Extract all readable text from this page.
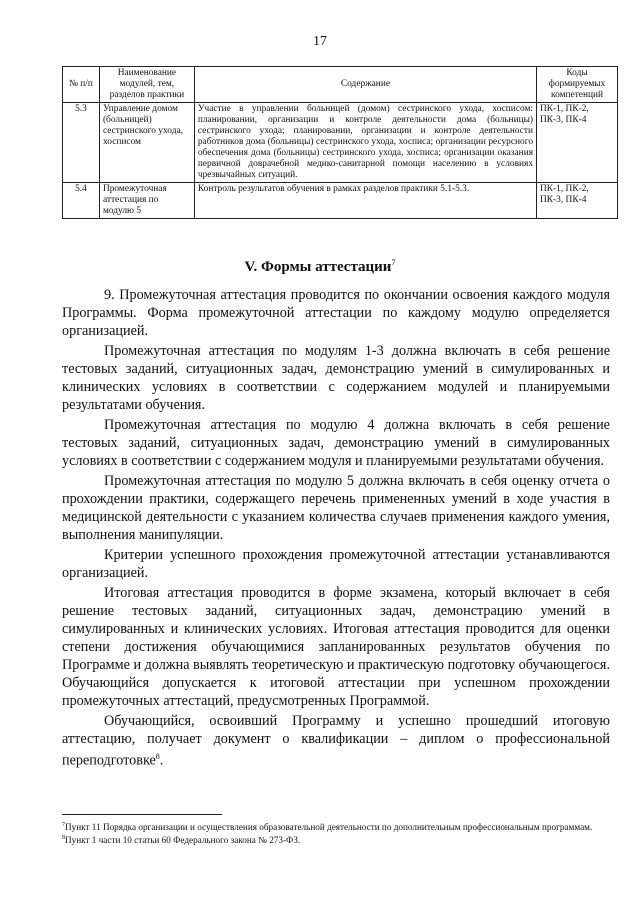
17
№ п/п	Наименование модулей, тем, разделов практики	Содержание	Коды формируемых компетенций
5.3	Управление домом (больницей) сестринского ухода, хосписом	Участие в управлении больницей (домом) сестринского ухода, хосписом: планировании, организации и контроле деятельности дома (больницы) сестринского ухода; планировании, организации и контроле деятельности работников дома (больницы) сестринского ухода, хосписа; организации ресурсного обеспечения дома (больницы) сестринского ухода, хосписа; организации оказания первичной доврачебной медико-санитарной помощи населению в условиях чрезвычайных ситуаций.	ПК-1, ПК-2, ПК-3, ПК-4
5.4	Промежуточная аттестация по модулю 5	Контроль результатов обучения в рамках разделов практики 5.1-5.3.	ПК-1, ПК-2, ПК-3, ПК-4
V. Формы аттестации$^7$

9. Промежуточная аттестация проводится по окончании освоения каждого модуля Программы. Форма промежуточной аттестации по каждому модулю определяется организацией.

Промежуточная аттестация по модулям 1-3 должна включать в себя решение тестовых заданий, ситуационных задач, демонстрацию умений в симулированных и клинических условиях в соответствии с содержанием модулей и планируемыми результатами обучения.

Промежуточная аттестация по модулю 4 должна включать в себя решение тестовых заданий, ситуационных задач, демонстрацию умений в симулированных условиях в соответствии с содержанием модуля и планируемыми результатами обучения.

Промежуточная аттестация по модулю 5 должна включать в себя оценку отчета о прохождении практики, содержащего перечень примененных умений в ходе участия в медицинской деятельности с указанием количества случаев применения каждого умения, выполнения манипуляции.

Критерии успешного прохождения промежуточной аттестации устанавливаются организацией.

Итоговая аттестация проводится в форме экзамена, который включает в себя решение тестовых заданий, ситуационных задач, демонстрацию умений в симулированных и клинических условиях. Итоговая аттестация проводится для оценки степени достижения обучающимися запланированных результатов обучения по Программе и должна выявлять теоретическую и практическую подготовку обучающегося. Обучающийся допускается к итоговой аттестации при успешном прохождении промежуточных аттестаций, предусмотренных Программой.

Обучающийся, освоивший Программу и успешно прошедший итоговую аттестацию, получает документ о квалификации – диплом о профессиональной переподготовке$^8$.

$^7$Пункт 11 Порядка организации и осуществления образовательной деятельности по дополнительным профессиональным программам.

$^8$Пункт 1 части 10 статьи 60 Федерального закона № 273-ФЗ.
